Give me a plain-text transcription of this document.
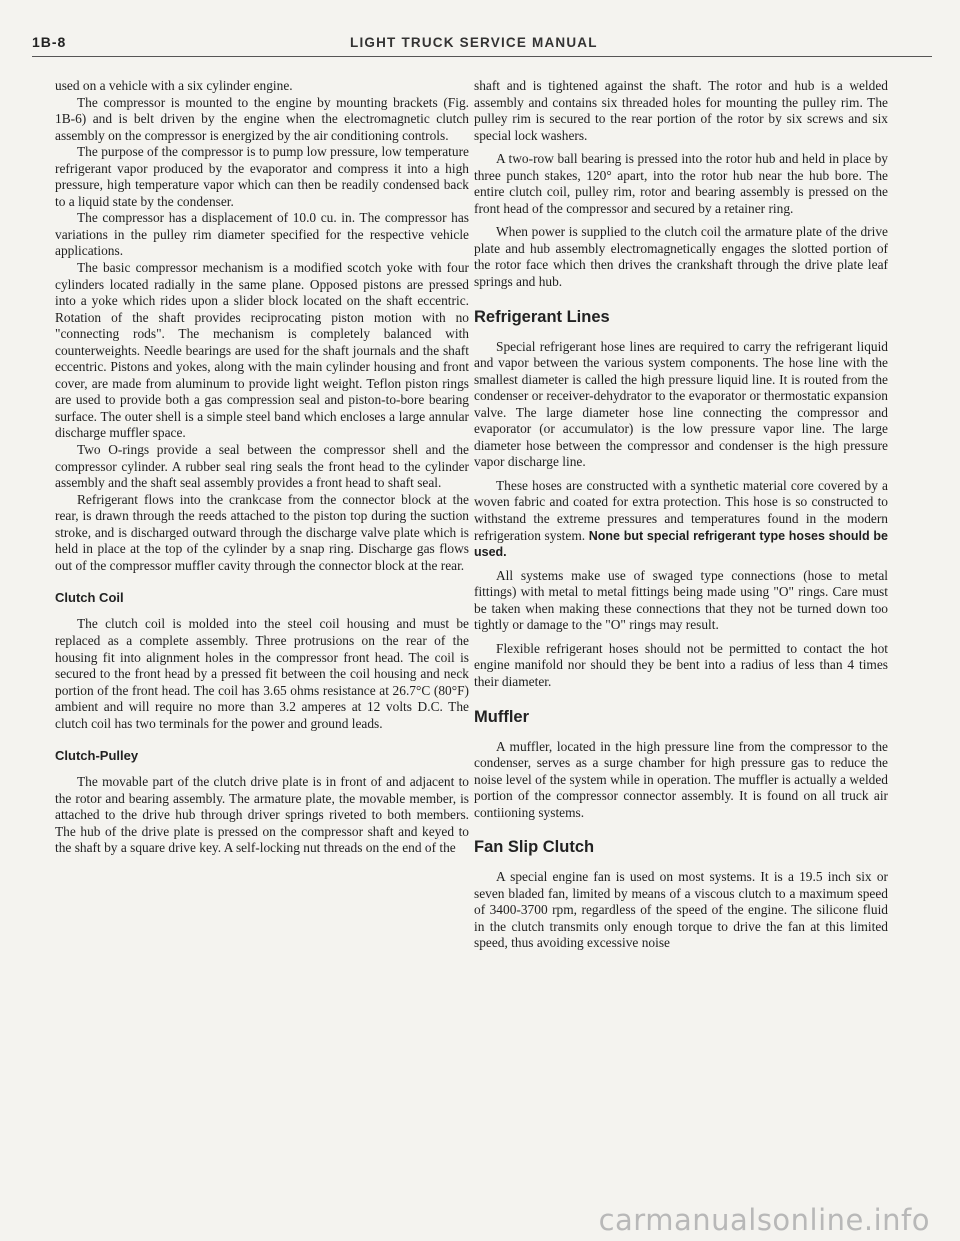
1B-8	LIGHT TRUCK SERVICE MANUAL

used on a vehicle with a six cylinder engine.

The compressor is mounted to the engine by mounting brackets (Fig. 1B-6) and is belt driven by the engine when the electromagnetic clutch assembly on the compressor is energized by the air conditioning controls.

The purpose of the compressor is to pump low pressure, low temperature refrigerant vapor produced by the evaporator and compress it into a high pressure, high temperature vapor which can then be readily condensed back to a liquid state by the condenser.

The compressor has a displacement of 10.0 cu. in. The compressor has variations in the pulley rim diameter specified for the respective vehicle applications.

The basic compressor mechanism is a modified scotch yoke with four cylinders located radially in the same plane. Opposed pistons are pressed into a yoke which rides upon a slider block located on the shaft eccentric. Rotation of the shaft provides reciprocating piston motion with no "connecting rods". The mechanism is completely balanced with counterweights. Needle bearings are used for the shaft journals and the shaft eccentric. Pistons and yokes, along with the main cylinder housing and front cover, are made from aluminum to provide light weight. Teflon piston rings are used to provide both a gas compression seal and piston-to-bore bearing surface. The outer shell is a simple steel band which encloses a large annular discharge muffler space.

Two O-rings provide a seal between the compressor shell and the compressor cylinder. A rubber seal ring seals the front head to the cylinder assembly and the shaft seal assembly provides a front head to shaft seal.

Refrigerant flows into the crankcase from the connector block at the rear, is drawn through the reeds attached to the piston top during the suction stroke, and is discharged outward through the discharge valve plate which is held in place at the top of the cylinder by a snap ring. Discharge gas flows out of the compressor muffler cavity through the connector block at the rear.

Clutch Coil

The clutch coil is molded into the steel coil housing and must be replaced as a complete assembly. Three protrusions on the rear of the housing fit into alignment holes in the compressor front head. The coil is secured to the front head by a pressed fit between the coil housing and neck portion of the front head. The coil has 3.65 ohms resistance at 26.7°C (80°F) ambient and will require no more than 3.2 amperes at 12 volts D.C. The clutch coil has two terminals for the power and ground leads.

Clutch-Pulley

The movable part of the clutch drive plate is in front of and adjacent to the rotor and bearing assembly. The armature plate, the movable member, is attached to the drive hub through driver springs riveted to both members. The hub of the drive plate is pressed on the compressor shaft and keyed to the shaft by a square drive key. A self-locking nut threads on the end of the

shaft and is tightened against the shaft. The rotor and hub is a welded assembly and contains six threaded holes for mounting the pulley rim. The pulley rim is secured to the rear portion of the rotor by six screws and six special lock washers.

A two-row ball bearing is pressed into the rotor hub and held in place by three punch stakes, 120° apart, into the rotor hub near the hub bore. The entire clutch coil, pulley rim, rotor and bearing assembly is pressed on the front head of the compressor and secured by a retainer ring.

When power is supplied to the clutch coil the armature plate of the drive plate and hub assembly electromagnetically engages the slotted portion of the rotor face which then drives the crankshaft through the drive plate leaf springs and hub.

Refrigerant Lines

Special refrigerant hose lines are required to carry the refrigerant liquid and vapor between the various system components. The hose line with the smallest diameter is called the high pressure liquid line. It is routed from the condenser or receiver-dehydrator to the evaporator or thermostatic expansion valve. The large diameter hose line connecting the compressor and evaporator (or accumulator) is the low pressure vapor line. The large diameter hose between the compressor and condenser is the high pressure vapor discharge line.

These hoses are constructed with a synthetic material core covered by a woven fabric and coated for extra protection. This hose is so constructed to withstand the extreme pressures and temperatures found in the modern refrigeration system. None but special refrigerant type hoses should be used.

All systems make use of swaged type connections (hose to metal fittings) with metal to metal fittings being made using "O" rings. Care must be taken when making these connections that they not be turned down too tightly or damage to the "O" rings may result.

Flexible refrigerant hoses should not be permitted to contact the hot engine manifold nor should they be bent into a radius of less than 4 times their diameter.

Muffler

A muffler, located in the high pressure line from the compressor to the condenser, serves as a surge chamber for high pressure gas to reduce the noise level of the system while in operation. The muffler is actually a welded portion of the compressor connector assembly. It is found on all truck air contiioning systems.

Fan Slip Clutch

A special engine fan is used on most systems. It is a 19.5 inch six or seven bladed fan, limited by means of a viscous clutch to a maximum speed of 3400-3700 rpm, regardless of the speed of the engine. The silicone fluid in the clutch transmits only enough torque to drive the fan at this limited speed, thus avoiding excessive noise

carmanualsonline.info
